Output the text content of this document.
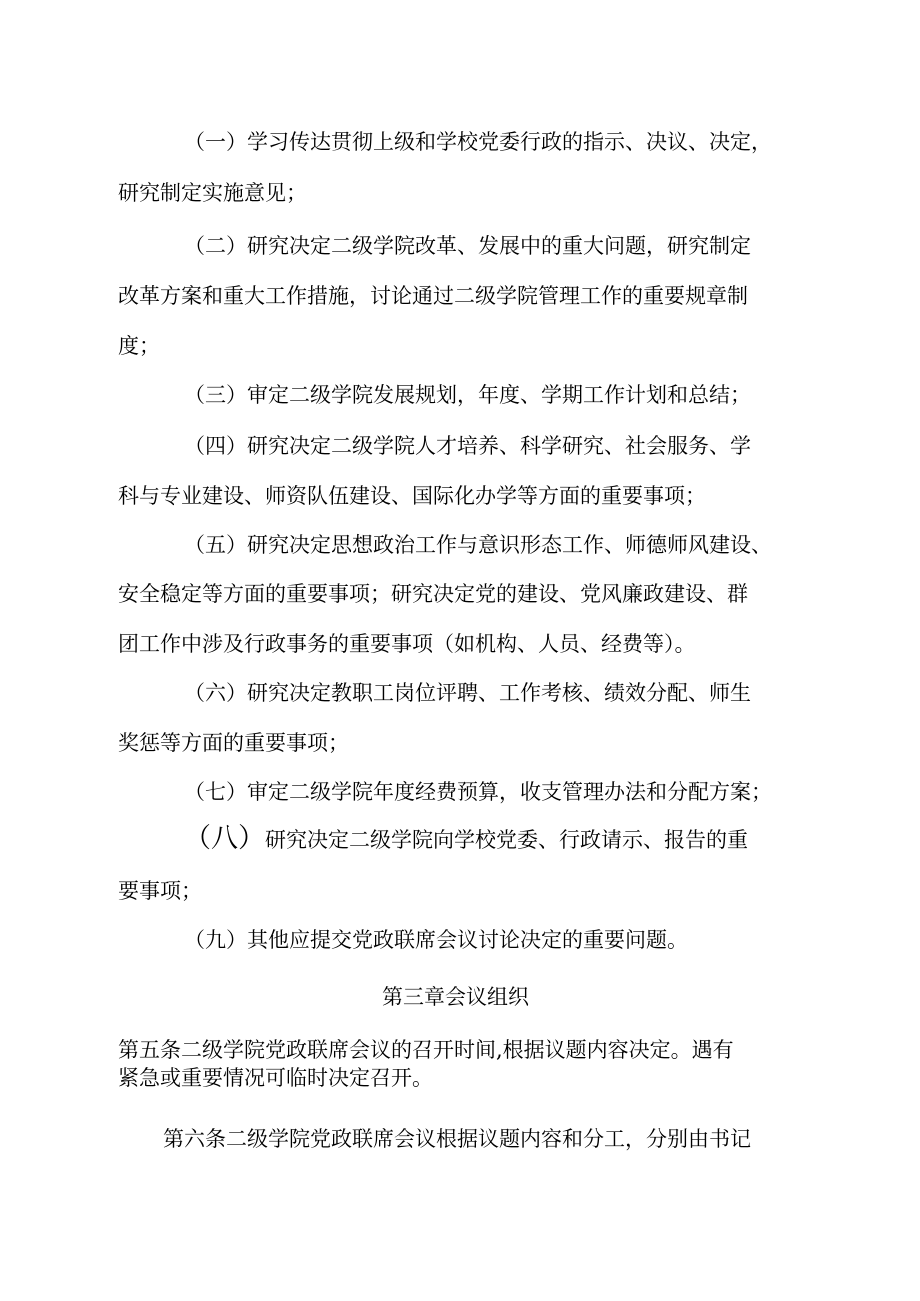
（一）学习传达贯彻上级和学校党委行政的指示、决议、决定，
研究制定实施意见；
（二）研究决定二级学院改革、发展中的重大问题，研究制定
改革方案和重大工作措施，讨论通过二级学院管理工作的重要规章制
度；
（三）审定二级学院发展规划，年度、学期工作计划和总结；
（四）研究决定二级学院人才培养、科学研究、社会服务、学
科与专业建设、师资队伍建设、国际化办学等方面的重要事项；
（五）研究决定思想政治工作与意识形态工作、师德师风建设、
安全稳定等方面的重要事项；研究决定党的建设、党风廉政建设、群
团工作中涉及行政事务的重要事项（如机构、人员、经费等）。
（六）研究决定教职工岗位评聘、工作考核、绩效分配、师生
奖惩等方面的重要事项；
（七）审定二级学院年度经费预算，收支管理办法和分配方案；
（八）研究决定二级学院向学校党委、行政请示、报告的重
要事项；
（九）其他应提交党政联席会议讨论决定的重要问题。
第三章会议组织
第五条二级学院党政联席会议的召开时间,根据议题内容决定。遇有
紧急或重要情况可临时决定召开。
第六条二级学院党政联席会议根据议题内容和分工，分别由书记
